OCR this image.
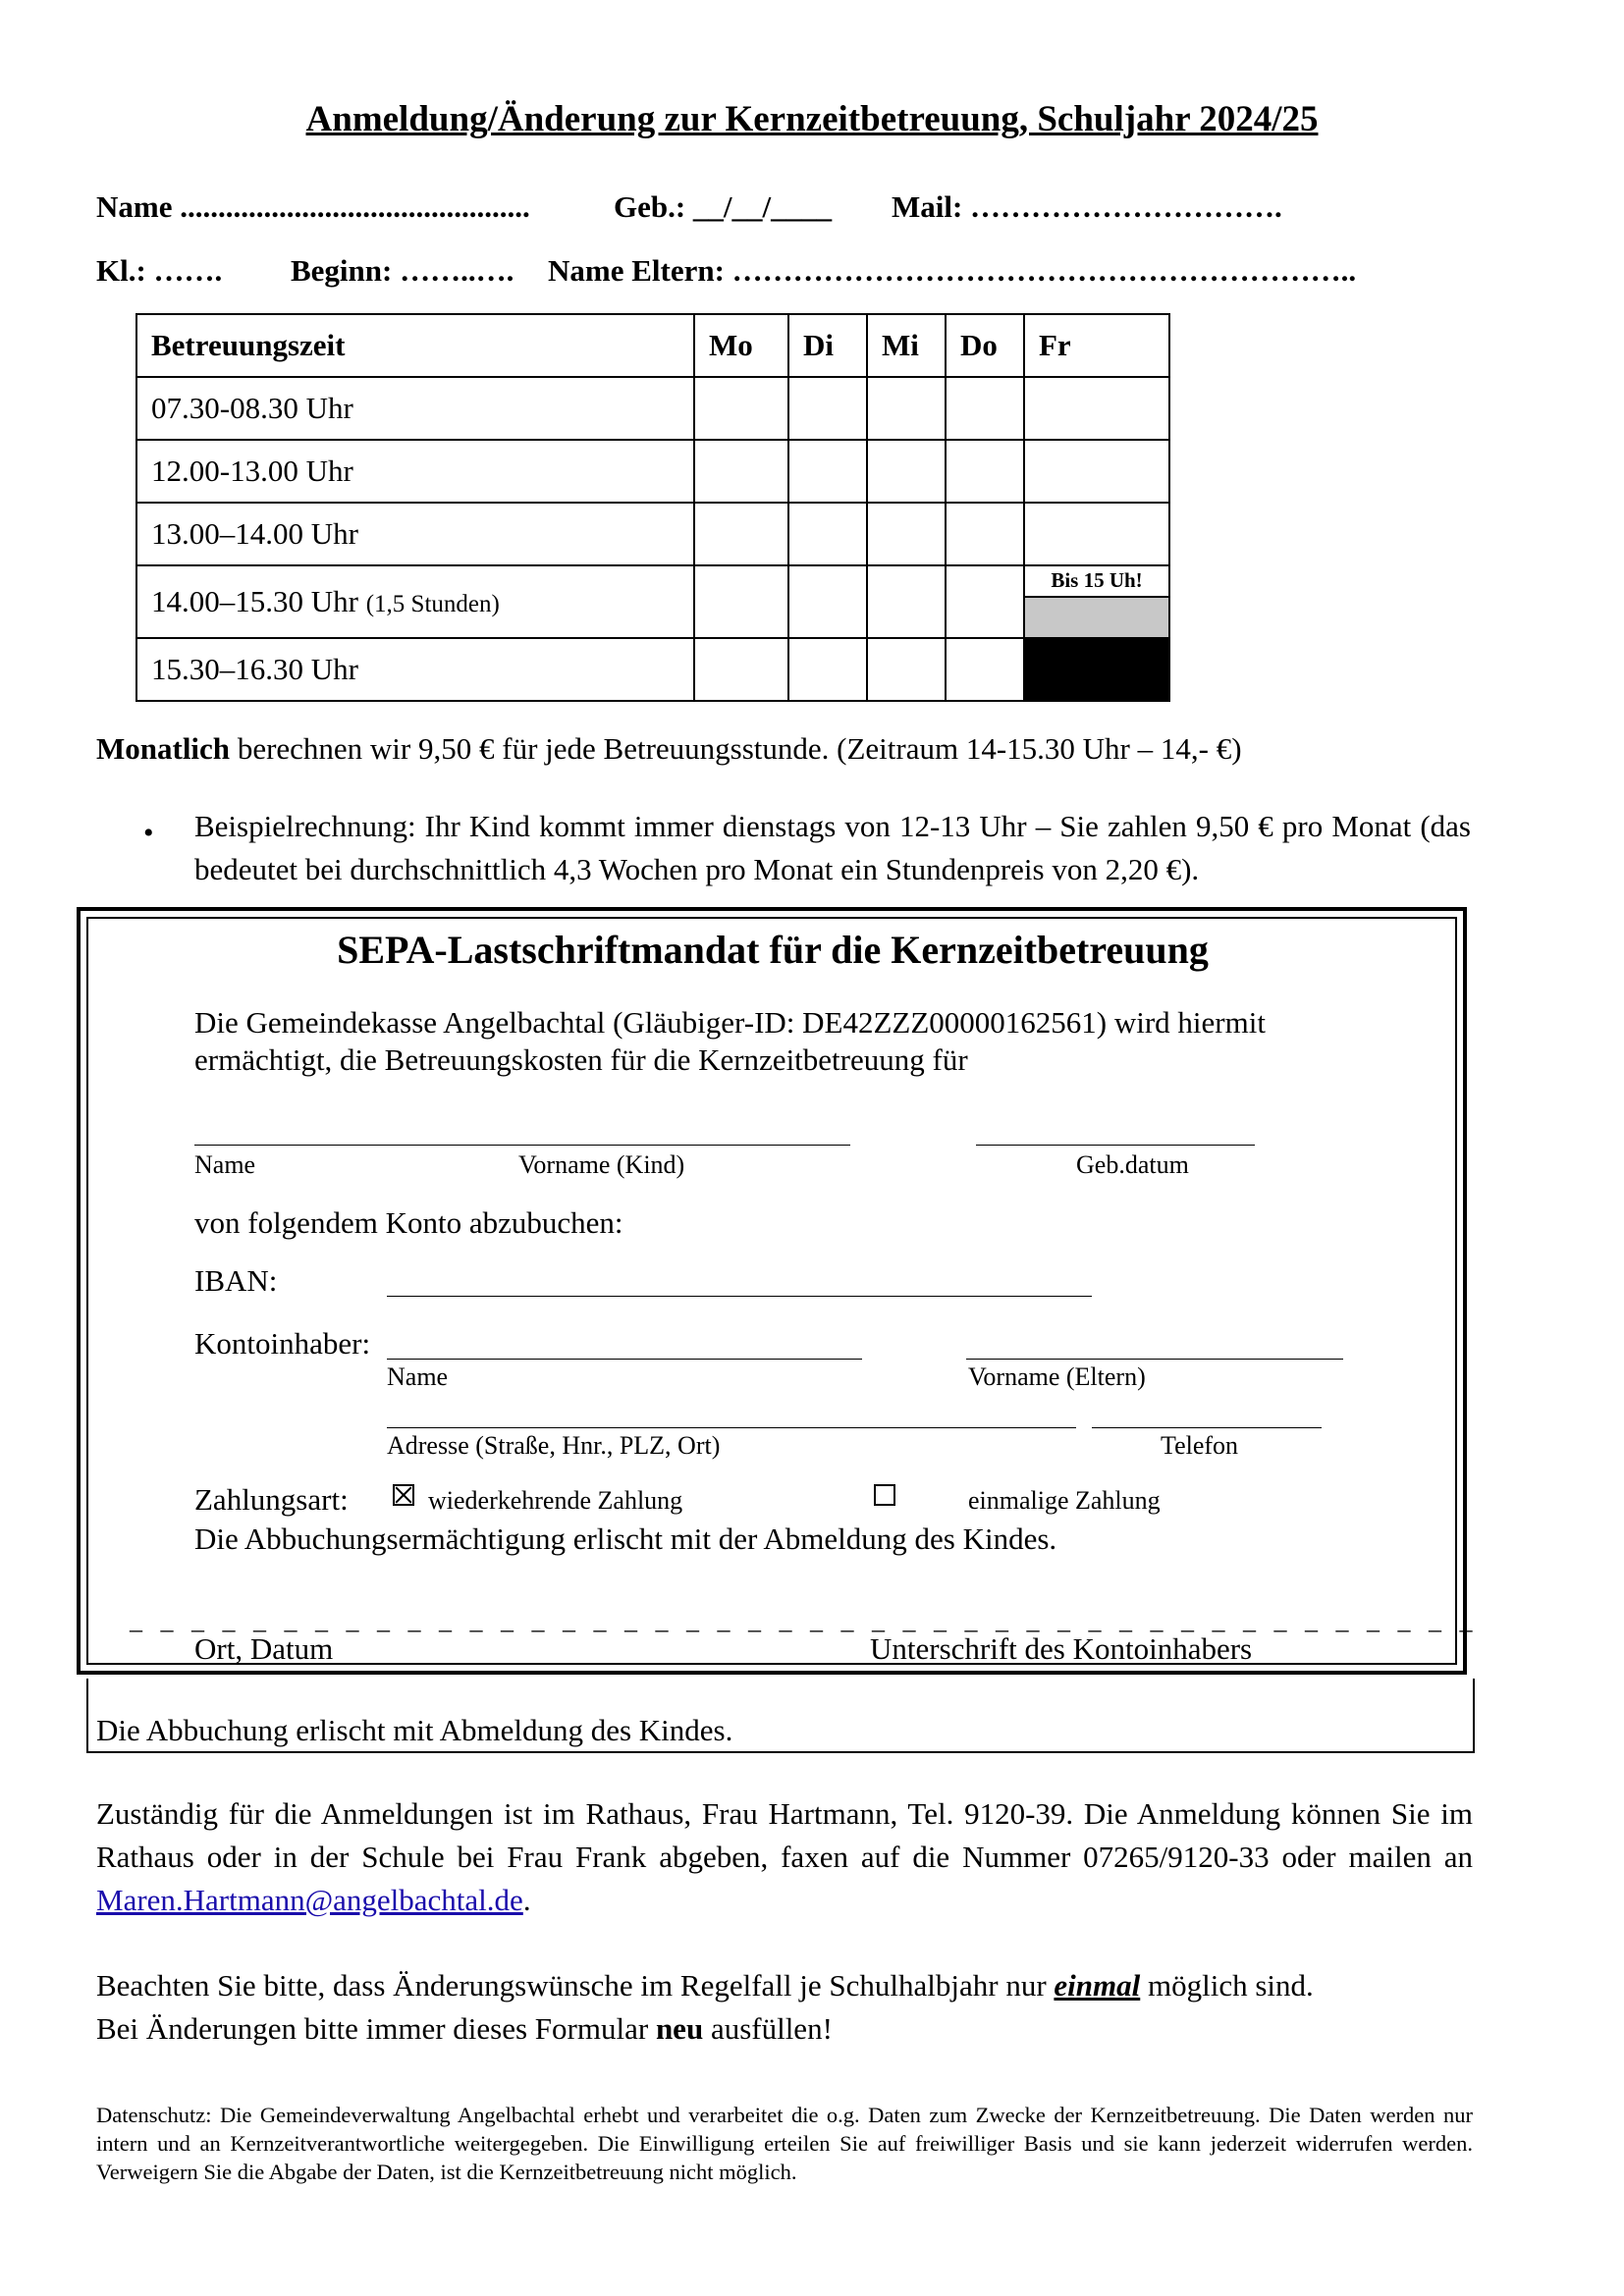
Anmeldung/Änderung zur Kernzeitbetreuung, Schuljahr 2024/25
Name ..............................................	Geb.: __/__/____ Mail: ………………………….
Kl.: ……. Beginn: ……..…. Name Eltern: ……………………………………………………..
Betreuungszeit	Mo	Di	Mi	Do	Fr
07.30-08.30 Uhr					
12.00-13.00 Uhr					
13.00–14.00 Uhr					
14.00–15.30 Uhr (1,5 Stunden)					Bis 15 Uh!

15.30–16.30 Uhr					
Monatlich berechnen wir 9,50 € für jede Betreuungsstunde. (Zeitraum 14-15.30 Uhr – 14,- €)
• Beispielrechnung: Ihr Kind kommt immer dienstags von 12-13 Uhr – Sie zahlen 9,50 € pro Monat (das bedeutet bei durchschnittlich 4,3 Wochen pro Monat ein Stundenpreis von 2,20 €).
SEPA-Lastschriftmandat für die Kernzeitbetreuung
Die Gemeindekasse Angelbachtal (Gläubiger-ID: DE42ZZZ00000162561) wird hiermit
ermächtigt, die Betreuungskosten für die Kernzeitbetreuung für
Name	Vorname (Kind)	Geb.datum
von folgendem Konto abzubuchen:
IBAN:
Kontoinhaber:
Name	Vorname (Eltern)
Adresse (Straße, Hnr., PLZ, Ort)	Telefon
Zahlungsart:	wiederkehrende Zahlung	einmalige Zahlung
Die Abbuchungsermächtigung erlischt mit der Abmeldung des Kindes.
_ _ _ _ _ _ _ _ _ _ _ _ _ _ _ _ _ _ _ _ _ _ _ _ _ _ _ _ _ _ _ _ _ _ _ _ _ _ _ _ _ _ _ _
Ort, Datum	Unterschrift des Kontoinhabers
Die Abbuchung erlischt mit Abmeldung des Kindes.
Zuständig für die Anmeldungen ist im Rathaus, Frau Hartmann, Tel. 9120-39. Die Anmeldung können Sie im Rathaus oder in der Schule bei Frau Frank abgeben, faxen auf die Nummer 07265/9120-33 oder mailen an Maren.Hartmann@angelbachtal.de.
Beachten Sie bitte, dass Änderungswünsche im Regelfall je Schulhalbjahr nur einmal möglich sind.
Bei Änderungen bitte immer dieses Formular neu ausfüllen!
Datenschutz: Die Gemeindeverwaltung Angelbachtal erhebt und verarbeitet die o.g. Daten zum Zwecke der Kernzeitbetreuung. Die Daten werden nur intern und an Kernzeitverantwortliche weitergegeben. Die Einwilligung erteilen Sie auf freiwilliger Basis und sie kann jederzeit widerrufen werden. Verweigern Sie die Abgabe der Daten, ist die Kernzeitbetreuung nicht möglich.
